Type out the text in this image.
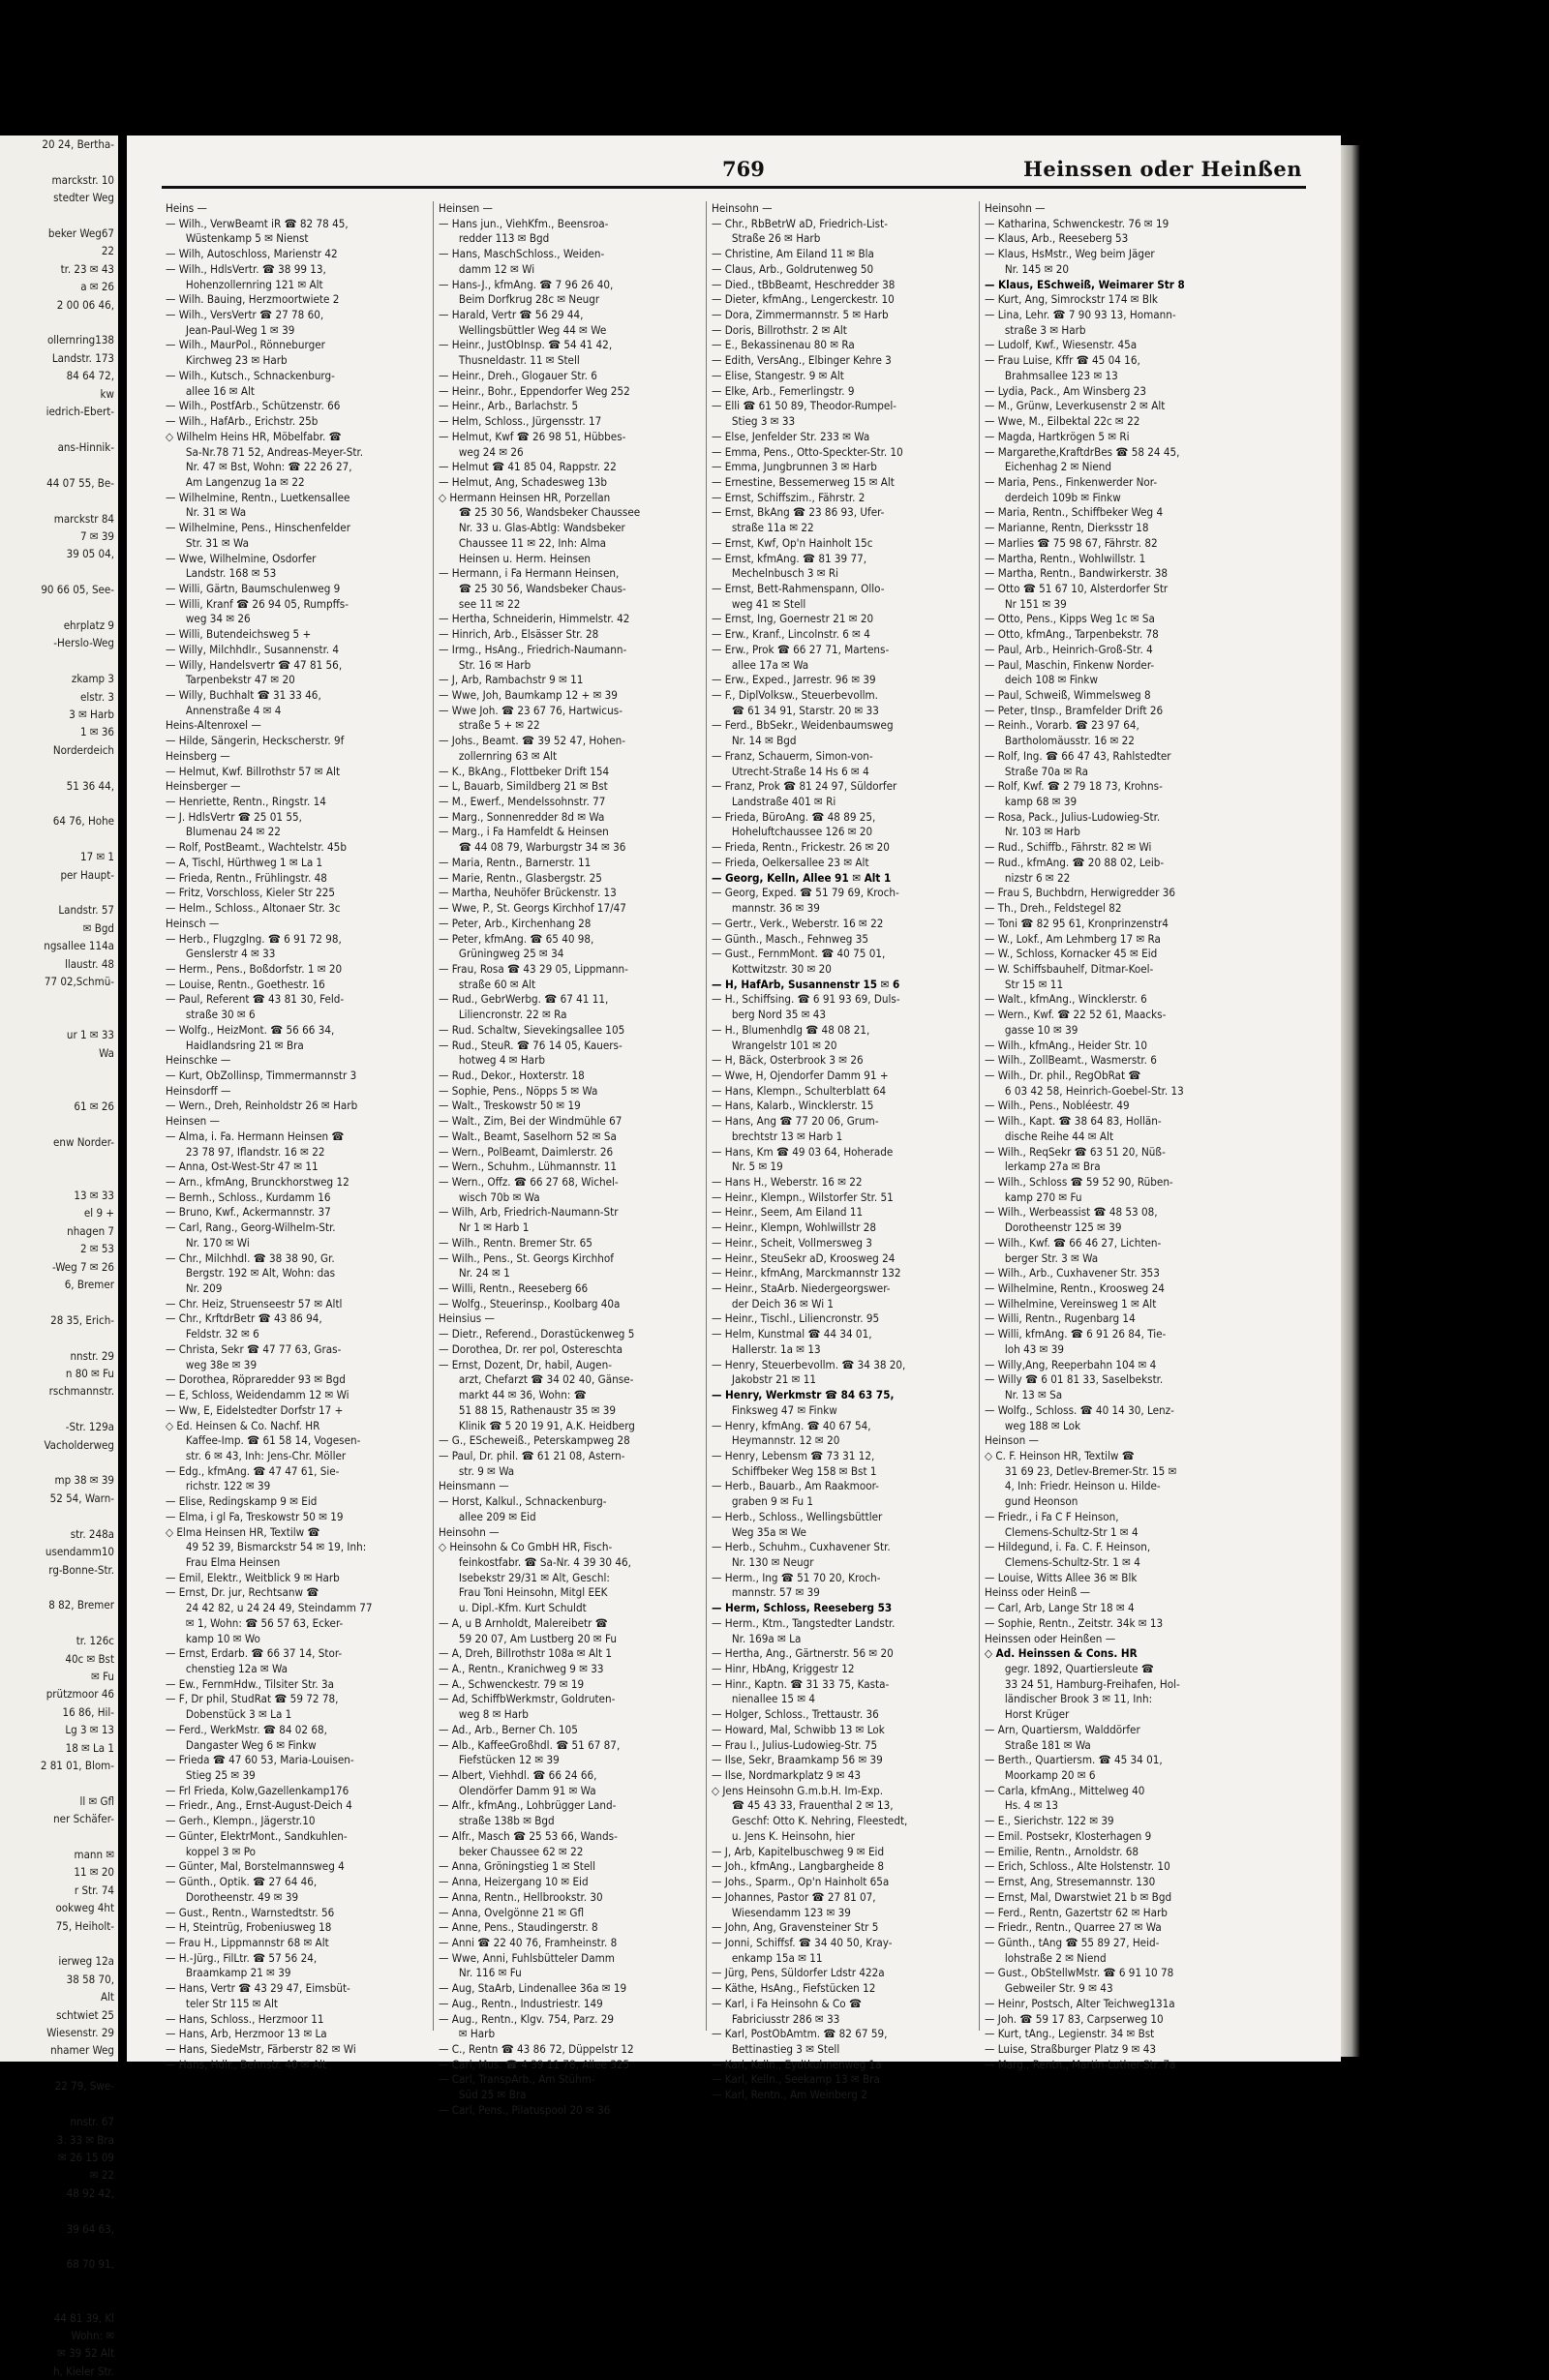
20 24, Bertha-

marckstr. 10
stedter Weg

beker Weg67
22
tr. 23 ✉ 43
a ✉ 26
2 00 06 46,

ollernring138
Landstr. 173
84 64 72,
kw
iedrich-Ebert-

ans-Hinnik-

44 07 55, Be-

marckstr 84
7 ✉ 39
39 05 04,

90 66 05, See-

ehrplatz 9
-Herslo-Weg

zkamp 3
elstr. 3
3 ✉ Harb
1 ✉ 36
Norderdeich

51 36 44,

64 76, Hohe

17 ✉ 1
per Haupt-

Landstr. 57
✉ Bgd
ngsallee 114a
llaustr. 48
77 02,Schmü-

ur 1 ✉ 33
Wa

61 ✉ 26

enw Norder-

13 ✉ 33
el 9 +
nhagen 7
2 ✉ 53
-Weg 7 ✉ 26
6, Bremer

28 35, Erich-

nnstr. 29
n 80 ✉ Fu
rschmannstr.

-Str. 129a
Vacholderweg

mp 38 ✉ 39
52 54, Warn-

str. 248a
usendamm10
rg-Bonne-Str.

8 82, Bremer

tr. 126c
40c ✉ Bst
✉ Fu
prützmoor 46
16 86, Hil-
Lg 3 ✉ 13
18 ✉ La 1
2 81 01, Blom-

ll ✉ Gfl
ner Schäfer-

mann ✉
11 ✉ 20
r Str. 74
ookweg 4ht
75, Heiholt-

ierweg 12a
38 58 70,
Alt
schtwiet 25
Wiesenstr. 29
nhamer Weg

22 79, Swe-

nnstr. 67
3. 33 ✉ Bra
✉ 26 15 09
✉ 22
48 92 42,

39 64 63,

68 70 91,

44 81 39, Kl
Wohn: ✉
✉ 39 52 Alt
h, Kieler Str.
769	Heinssen oder Heinßen
Heins —
— Wilh., VerwBeamt iR ☎ 82 78 45,
  Wüstenkamp 5 ✉ Nienst
— Wilh, Autoschloss, Marienstr 42
— Wilh., HdlsVertr. ☎ 38 99 13,
  Hohenzollernring 121 ✉ Alt
— Wilh. Bauing, Herzmoortwiete 2
— Wilh., VersVertr ☎ 27 78 60,
  Jean-Paul-Weg 1 ✉ 39
— Wilh., MaurPol., Rönneburger
  Kirchweg 23 ✉ Harb
— Wilh., Kutsch., Schnackenburg-
  allee 16 ✉ Alt
— Wilh., PostfArb., Schützenstr. 66
— Wilh., HafArb., Erichstr. 25b
◇ Wilhelm Heins HR, Möbelfabr. ☎
  Sa-Nr.78 71 52, Andreas-Meyer-Str.
  Nr. 47 ✉ Bst, Wohn: ☎ 22 26 27,
  Am Langenzug 1a ✉ 22
— Wilhelmine, Rentn., Luetkensallee
  Nr. 31 ✉ Wa
— Wilhelmine, Pens., Hinschenfelder
  Str. 31 ✉ Wa
— Wwe, Wilhelmine, Osdorfer
  Landstr. 168 ✉ 53
— Willi, Gärtn, Baumschulenweg 9
— Willi, Kranf ☎ 26 94 05, Rumpffs-
  weg 34 ✉ 26
— Willi, Butendeichsweg 5 +
— Willy, Milchhdlr., Susannenstr. 4
— Willy, Handelsvertr ☎ 47 81 56,
  Tarpenbekstr 47 ✉ 20
— Willy, Buchhalt ☎ 31 33 46,
  Annenstraße 4 ✉ 4
Heins-Altenroxel —
— Hilde, Sängerin, Heckscherstr. 9f
Heinsberg —
— Helmut, Kwf. Billrothstr 57 ✉ Alt
Heinsberger —
— Henriette, Rentn., Ringstr. 14
— J. HdlsVertr ☎ 25 01 55,
  Blumenau 24 ✉ 22
— Rolf, PostBeamt., Wachtelstr. 45b
— A, Tischl, Hürthweg 1 ✉ La 1
— Frieda, Rentn., Frühlingstr. 48
— Fritz, Vorschloss, Kieler Str 225
— Helm., Schloss., Altonaer Str. 3c
Heinsch —
— Herb., Flugzglng. ☎ 6 91 72 98,
  Genslerstr 4 ✉ 33
— Herm., Pens., Boßdorfstr. 1 ✉ 20
— Louise, Rentn., Goethestr. 16
— Paul, Referent ☎ 43 81 30, Feld-
  straße 30 ✉ 6
— Wolfg., HeizMont. ☎ 56 66 34,
  Haidlandsring 21 ✉ Bra
Heinschke —
— Kurt, ObZollinsp, Timmermannstr 3
Heinsdorff —
— Wern., Dreh, Reinholdstr 26 ✉ Harb
Heinsen —
— Alma, i. Fa. Hermann Heinsen ☎
  23 78 97, Iflandstr. 16 ✉ 22
— Anna, Ost-West-Str 47 ✉ 11
— Arn., kfmAng, Brunckhorstweg 12
— Bernh., Schloss., Kurdamm 16
— Bruno, Kwf., Ackermannstr. 37
— Carl, Rang., Georg-Wilhelm-Str.
  Nr. 170 ✉ Wi
— Chr., Milchhdl. ☎ 38 38 90, Gr.
  Bergstr. 192 ✉ Alt, Wohn: das
  Nr. 209
— Chr. Heiz, Struenseestr 57 ✉ Altl
— Chr., KrftdrBetr ☎ 43 86 94,
  Feldstr. 32 ✉ 6
— Christa, Sekr ☎ 47 77 63, Gras-
  weg 38e ✉ 39
— Dorothea, Röpraredder 93 ✉ Bgd
— E, Schloss, Weidendamm 12 ✉ Wi
— Ww, E, Eidelstedter Dorfstr 17 +
◇ Ed. Heinsen & Co. Nachf. HR
  Kaffee-Imp. ☎ 61 58 14, Vogesen-
  str. 6 ✉ 43, Inh: Jens-Chr. Möller
— Edg., kfmAng. ☎ 47 47 61, Sie-
  richstr. 122 ✉ 39
— Elise, Redingskamp 9 ✉ Eid
— Elma, i gl Fa, Treskowstr 50 ✉ 19
◇ Elma Heinsen HR, Textilw ☎
  49 52 39, Bismarckstr 54 ✉ 19, Inh:
  Frau Elma Heinsen
— Emil, Elektr., Weitblick 9 ✉ Harb
— Ernst, Dr. jur, Rechtsanw ☎
  24 42 82, u 24 24 49, Steindamm 77
  ✉ 1, Wohn: ☎ 56 57 63, Ecker-
  kamp 10 ✉ Wo
— Ernst, Erdarb. ☎ 66 37 14, Stor-
  chenstieg 12a ✉ Wa
— Ew., FernmHdw., Tilsiter Str. 3a
— F, Dr phil, StudRat ☎ 59 72 78,
  Dobenstück 3 ✉ La 1
— Ferd., WerkMstr. ☎ 84 02 68,
  Dangaster Weg 6 ✉ Finkw
— Frieda ☎ 47 60 53, Maria-Louisen-
  Stieg 25 ✉ 39
— Frl Frieda, Kolw,Gazellenkamp176
— Friedr., Ang., Ernst-August-Deich 4
— Gerh., Klempn., Jägerstr.10
— Günter, ElektrMont., Sandkuhlen-
  koppel 3 ✉ Po
— Günter, Mal, Borstelmannsweg 4
— Günth., Optik. ☎ 27 64 46,
  Dorotheenstr. 49 ✉ 39
— Gust., Rentn., Warnstedtstr. 56
— H, Steintrüg, Frobeniusweg 18
— Frau H., Lippmannstr 68 ✉ Alt
— H.-Jürg., FilLtr. ☎ 57 56 24,
  Braamkamp 21 ✉ 39
— Hans, Vertr ☎ 43 29 47, Eimsbüt-
  teler Str 115 ✉ Alt
— Hans, Schloss., Herzmoor 11
— Hans, Arb, Herzmoor 13 ✉ La
— Hans, SiedeMstr, Färberstr 82 ✉ Wi
— Hans, Hdlr., Behnstr. 40 ✉ Alt
Heinsen —
— Hans jun., ViehKfm., Beensroa-
  redder 113 ✉ Bgd
— Hans, MaschSchloss., Weiden-
  damm 12 ✉ Wi
— Hans-J., kfmAng. ☎ 7 96 26 40,
  Beim Dorfkrug 28c ✉ Neugr
— Harald, Vertr ☎ 56 29 44,
  Wellingsbüttler Weg 44 ✉ We
— Heinr., JustObInsp. ☎ 54 41 42,
  Thusneldastr. 11 ✉ Stell
— Heinr., Dreh., Glogauer Str. 6
— Heinr., Bohr., Eppendorfer Weg 252
— Heinr., Arb., Barlachstr. 5
— Helm, Schloss., Jürgensstr. 17
— Helmut, Kwf ☎ 26 98 51, Hübbes-
  weg 24 ✉ 26
— Helmut ☎ 41 85 04, Rappstr. 22
— Helmut, Ang, Schadesweg 13b
◇ Hermann Heinsen HR, Porzellan
  ☎ 25 30 56, Wandsbeker Chaussee
  Nr. 33 u. Glas-Abtlg: Wandsbeker
  Chaussee 11 ✉ 22, Inh: Alma
  Heinsen u. Herm. Heinsen
— Hermann, i Fa Hermann Heinsen,
  ☎ 25 30 56, Wandsbeker Chaus-
  see 11 ✉ 22
— Hertha, Schneiderin, Himmelstr. 42
— Hinrich, Arb., Elsässer Str. 28
— Irmg., HsAng., Friedrich-Naumann-
  Str. 16 ✉ Harb
— J, Arb, Rambachstr 9 ✉ 11
— Wwe, Joh, Baumkamp 12 + ✉ 39
— Wwe Joh. ☎ 23 67 76, Hartwicus-
  straße 5 + ✉ 22
— Johs., Beamt. ☎ 39 52 47, Hohen-
  zollernring 63 ✉ Alt
— K., BkAng., Flottbeker Drift 154
— L, Bauarb, Simildberg 21 ✉ Bst
— M., Ewerf., Mendelssohnstr. 77
— Marg., Sonnenredder 8d ✉ Wa
— Marg., i Fa Hamfeldt & Heinsen
  ☎ 44 08 79, Warburgstr 34 ✉ 36
— Maria, Rentn., Barnerstr. 11
— Marie, Rentn., Glasbergstr. 25
— Martha, Neuhöfer Brückenstr. 13
— Wwe, P., St. Georgs Kirchhof 17/47
— Peter, Arb., Kirchenhang 28
— Peter, kfmAng. ☎ 65 40 98,
  Grüningweg 25 ✉ 34
— Frau, Rosa ☎ 43 29 05, Lippmann-
  straße 60 ✉ Alt
— Rud., GebrWerbg. ☎ 67 41 11,
  Liliencronstr. 22 ✉ Ra
— Rud. Schaltw, Sievekingsallee 105
— Rud., SteuR. ☎ 76 14 05, Kauers-
  hotweg 4 ✉ Harb
— Rud., Dekor., Hoxterstr. 18
— Sophie, Pens., Nöpps 5 ✉ Wa
— Walt., Treskowstr 50 ✉ 19
— Walt., Zim, Bei der Windmühle 67
— Walt., Beamt, Saselhorn 52 ✉ Sa
— Wern., PolBeamt, Daimlerstr. 26
— Wern., Schuhm., Lühmannstr. 11
— Wern., Offz. ☎ 66 27 68, Wichel-
  wisch 70b ✉ Wa
— Wilh, Arb, Friedrich-Naumann-Str
  Nr 1 ✉ Harb 1
— Wilh., Rentn. Bremer Str. 65
— Wilh., Pens., St. Georgs Kirchhof
  Nr. 24 ✉ 1
— Willi, Rentn., Reeseberg 66
— Wolfg., Steuerinsp., Koolbarg 40a
Heinsius —
— Dietr., Referend., Dorastückenweg 5
— Dorothea, Dr. rer pol, Ostereschta
— Ernst, Dozent, Dr, habil, Augen-
  arzt, Chefarzt ☎ 34 02 40, Gänse-
  markt 44 ✉ 36, Wohn: ☎
  51 88 15, Rathenaustr 35 ✉ 39
  Klinik ☎ 5 20 19 91, A.K. Heidberg
— G., EScheweiß., Peterskampweg 28
— Paul, Dr. phil. ☎ 61 21 08, Astern-
  str. 9 ✉ Wa
Heinsmann —
— Horst, Kalkul., Schnackenburg-
  allee 209 ✉ Eid
Heinsohn —
◇ Heinsohn & Co GmbH HR, Fisch-
  feinkostfabr. ☎ Sa-Nr. 4 39 30 46,
  Isebekstr 29/31 ✉ Alt, Geschl:
  Frau Toni Heinsohn, Mitgl EEK
  u. Dipl.-Kfm. Kurt Schuldt
— A, u B Arnholdt, Malereibetr ☎
  59 20 07, Am Lustberg 20 ✉ Fu
— A, Dreh, Billrothstr 108a ✉ Alt 1
— A., Rentn., Kranichweg 9 ✉ 33
— A., Schwenckestr. 79 ✉ 19
— Ad, SchiffbWerkmstr, Goldruten-
  weg 8 ✉ Harb
— Ad., Arb., Berner Ch. 105
— Alb., KaffeeGroßhdl. ☎ 51 67 87,
  Fiefstücken 12 ✉ 39
— Albert, Viehhdl. ☎ 66 24 66,
  Olendörfer Damm 91 ✉ Wa
— Alfr., kfmAng., Lohbrügger Land-
  straße 138b ✉ Bgd
— Alfr., Masch ☎ 25 53 66, Wands-
  beker Chaussee 62 ✉ 22
— Anna, Gröningstieg 1 ✉ Stell
— Anna, Heizergang 10 ✉ Eid
— Anna, Rentn., Hellbrookstr. 30
— Anna, Ovelgönne 21 ✉ Gfl
— Anne, Pens., Staudingerstr. 8
— Anni ☎ 22 40 76, Framheinstr. 8
— Wwe, Anni, Fuhlsbütteler Damm
  Nr. 116 ✉ Fu
— Aug, StaArb, Lindenallee 36a ✉ 19
— Aug., Rentn., Industriestr. 149
— Aug., Rentn., Klgv. 754, Parz. 29
  ✉ Harb
— C., Rentn ☎ 43 86 72, Düppelstr 12
— Carl, Mus. ☎ 4 39 11 78, Allee 325
— Carl, TranspArb., Am Stühm-
  Süd 25 ✉ Bra
— Carl, Pens., Pilatuspool 20 ✉ 36
Heinsohn —
— Chr., RbBetrW aD, Friedrich-List-
  Straße 26 ✉ Harb
— Christine, Am Eiland 11 ✉ Bla
— Claus, Arb., Goldrutenweg 50
— Died., tBbBeamt, Heschredder 38
— Dieter, kfmAng., Lengerckestr. 10
— Dora, Zimmermannstr. 5 ✉ Harb
— Doris, Billrothstr. 2 ✉ Alt
— E., Bekassinenau 80 ✉ Ra
— Edith, VersAng., Elbinger Kehre 3
— Elise, Stangestr. 9 ✉ Alt
— Elke, Arb., Femerlingstr. 9
— Elli ☎ 61 50 89, Theodor-Rumpel-
  Stieg 3 ✉ 33
— Else, Jenfelder Str. 233 ✉ Wa
— Emma, Pens., Otto-Speckter-Str. 10
— Emma, Jungbrunnen 3 ✉ Harb
— Ernestine, Bessemerweg 15 ✉ Alt
— Ernst, Schiffszim., Fährstr. 2
— Ernst, BkAng ☎ 23 86 93, Ufer-
  straße 11a ✉ 22
— Ernst, Kwf, Op'n Hainholt 15c
— Ernst, kfmAng. ☎ 81 39 77,
  Mechelnbusch 3 ✉ Ri
— Ernst, Bett-Rahmenspann, Ollo-
  weg 41 ✉ Stell
— Ernst, Ing, Goernestr 21 ✉ 20
— Erw., Kranf., Lincolnstr. 6 ✉ 4
— Erw., Prok ☎ 66 27 71, Martens-
  allee 17a ✉ Wa
— Erw., Exped., Jarrestr. 96 ✉ 39
— F., DiplVolksw., Steuerbevollm.
  ☎ 61 34 91, Starstr. 20 ✉ 33
— Ferd., BbSekr., Weidenbaumsweg
  Nr. 14 ✉ Bgd
— Franz, Schauerm, Simon-von-
  Utrecht-Straße 14 Hs 6 ✉ 4
— Franz, Prok ☎ 81 24 97, Süldorfer
  Landstraße 401 ✉ Ri
— Frieda, BüroAng. ☎ 48 89 25,
  Hoheluftchaussee 126 ✉ 20
— Frieda, Rentn., Frickestr. 26 ✉ 20
— Frieda, Oelkersallee 23 ✉ Alt
— Georg, Kelln, Allee 91 ✉ Alt 1
— Georg, Exped. ☎ 51 79 69, Kroch-
  mannstr. 36 ✉ 39
— Gertr., Verk., Weberstr. 16 ✉ 22
— Günth., Masch., Fehnweg 35
— Gust., FernmMont. ☎ 40 75 01,
  Kottwitzstr. 30 ✉ 20
— H, HafArb, Susannenstr 15 ✉ 6
— H., Schiffsing. ☎ 6 91 93 69, Duls-
  berg Nord 35 ✉ 43
— H., Blumenhdlg ☎ 48 08 21,
  Wrangelstr 101 ✉ 20
— H, Bäck, Osterbrook 3 ✉ 26
— Wwe, H, Ojendorfer Damm 91 +
— Hans, Klempn., Schulterblatt 64
— Hans, Kalarb., Wincklerstr. 15
— Hans, Ang ☎ 77 20 06, Grum-
  brechtstr 13 ✉ Harb 1
— Hans, Km ☎ 49 03 64, Hoherade
  Nr. 5 ✉ 19
— Hans H., Weberstr. 16 ✉ 22
— Heinr., Klempn., Wilstorfer Str. 51
— Heinr., Seem, Am Eiland 11
— Heinr., Klempn, Wohlwillstr 28
— Heinr., Scheit, Vollmersweg 3
— Heinr., SteuSekr aD, Kroosweg 24
— Heinr., kfmAng, Marckmannstr 132
— Heinr., StaArb. Niedergeorgswer-
  der Deich 36 ✉ Wi 1
— Heinr., Tischl., Liliencronstr. 95
— Helm, Kunstmal ☎ 44 34 01,
  Hallerstr. 1a ✉ 13
— Henry, Steuerbevollm. ☎ 34 38 20,
  Jakobstr 21 ✉ 11
— Henry, Werkmstr ☎ 84 63 75,
  Finksweg 47 ✉ Finkw
— Henry, kfmAng. ☎ 40 67 54,
  Heymannstr. 12 ✉ 20
— Henry, Lebensm ☎ 73 31 12,
  Schiffbeker Weg 158 ✉ Bst 1
— Herb., Bauarb., Am Raakmoor-
  graben 9 ✉ Fu 1
— Herb., Schloss., Wellingsbüttler
  Weg 35a ✉ We
— Herb., Schuhm., Cuxhavener Str.
  Nr. 130 ✉ Neugr
— Herm., Ing ☎ 51 70 20, Kroch-
  mannstr. 57 ✉ 39
— Herm, Schloss, Reeseberg 53
— Herm., Ktm., Tangstedter Landstr.
  Nr. 169a ✉ La
— Hertha, Ang., Gärtnerstr. 56 ✉ 20
— Hinr, HbAng, Kriggestr 12
— Hinr., Kaptn. ☎ 31 33 75, Kasta-
  nienallee 15 ✉ 4
— Holger, Schloss., Trettaustr. 36
— Howard, Mal, Schwibb 13 ✉ Lok
— Frau I., Julius-Ludowieg-Str. 75
— Ilse, Sekr, Braamkamp 56 ✉ 39
— Ilse, Nordmarkplatz 9 ✉ 43
◇ Jens Heinsohn G.m.b.H. Im-Exp.
  ☎ 45 43 33, Frauenthal 2 ✉ 13,
  Geschf: Otto K. Nehring, Fleestedt,
  u. Jens K. Heinsohn, hier
— J, Arb, Kapitelbuschweg 9 ✉ Eid
— Joh., kfmAng., Langbargheide 8
— Johs., Sparm., Op'n Hainholt 65a
— Johannes, Pastor ☎ 27 81 07,
  Wiesendamm 123 ✉ 39
— John, Ang, Gravensteiner Str 5
— Jonni, Schiffsf. ☎ 34 40 50, Kray-
  enkamp 15a ✉ 11
— Jürg, Pens, Süldorfer Ldstr 422a
— Käthe, HsAng., Fiefstücken 12
— Karl, i Fa Heinsohn & Co ☎
  Fabriciusstr 286 ✉ 33
— Karl, PostObAmtm. ☎ 82 67 59,
  Bettinastieg 3 ✉ Stell
— Karl, Kelln., Eydtkuhnenweg 1a
— Karl, Kelln., Seekamp 13 ✉ Bra
— Karl, Rentn., Am Weinberg 2
Heinsohn —
— Katharina, Schwenckestr. 76 ✉ 19
— Klaus, Arb., Reeseberg 53
— Klaus, HsMstr., Weg beim Jäger
  Nr. 145 ✉ 20
— Klaus, ESchweiß, Weimarer Str 8
— Kurt, Ang, Simrockstr 174 ✉ Blk
— Lina, Lehr. ☎ 7 90 93 13, Homann-
  straße 3 ✉ Harb
— Ludolf, Kwf., Wiesenstr. 45a
— Frau Luise, Kffr ☎ 45 04 16,
  Brahmsallee 123 ✉ 13
— Lydia, Pack., Am Winsberg 23
— M., Grünw, Leverkusenstr 2 ✉ Alt
— Wwe, M., Eilbektal 22c ✉ 22
— Magda, Hartkrögen 5 ✉ Ri
— Margarethe,KraftdrBes ☎ 58 24 45,
  Eichenhag 2 ✉ Niend
— Maria, Pens., Finkenwerder Nor-
  derdeich 109b ✉ Finkw
— Maria, Rentn., Schiffbeker Weg 4
— Marianne, Rentn, Dierksstr 18
— Marlies ☎ 75 98 67, Fährstr. 82
— Martha, Rentn., Wohlwillstr. 1
— Martha, Rentn., Bandwirkerstr. 38
— Otto ☎ 51 67 10, Alsterdorfer Str
  Nr 151 ✉ 39
— Otto, Pens., Kipps Weg 1c ✉ Sa
— Otto, kfmAng., Tarpenbekstr. 78
— Paul, Arb., Heinrich-Groß-Str. 4
— Paul, Maschin, Finkenw Norder-
  deich 108 ✉ Finkw
— Paul, Schweiß, Wimmelsweg 8
— Peter, tInsp., Bramfelder Drift 26
— Reinh., Vorarb. ☎ 23 97 64,
  Bartholomäusstr. 16 ✉ 22
— Rolf, Ing. ☎ 66 47 43, Rahlstedter
  Straße 70a ✉ Ra
— Rolf, Kwf. ☎ 2 79 18 73, Krohns-
  kamp 68 ✉ 39
— Rosa, Pack., Julius-Ludowieg-Str.
  Nr. 103 ✉ Harb
— Rud., Schiffb., Fährstr. 82 ✉ Wi
— Rud., kfmAng. ☎ 20 88 02, Leib-
  nizstr 6 ✉ 22
— Frau S, Buchbdrn, Herwigredder 36
— Th., Dreh., Feldstegel 82
— Toni ☎ 82 95 61, Kronprinzenstr4
— W., Lokf., Am Lehmberg 17 ✉ Ra
— W., Schloss, Kornacker 45 ✉ Eid
— W. Schiffsbauhelf, Ditmar-Koel-
  Str 15 ✉ 11
— Walt., kfmAng., Wincklerstr. 6
— Wern., Kwf. ☎ 22 52 61, Maacks-
  gasse 10 ✉ 39
— Wilh., kfmAng., Heider Str. 10
— Wilh., ZollBeamt., Wasmerstr. 6
— Wilh., Dr. phil., RegObRat ☎
  6 03 42 58, Heinrich-Goebel-Str. 13
— Wilh., Pens., Nobléestr. 49
— Wilh., Kapt. ☎ 38 64 83, Hollän-
  dische Reihe 44 ✉ Alt
— Wilh., ReqSekr ☎ 63 51 20, Nüß-
  lerkamp 27a ✉ Bra
— Wilh., Schloss ☎ 59 52 90, Rüben-
  kamp 270 ✉ Fu
— Wilh., Werbeassist ☎ 48 53 08,
  Dorotheenstr 125 ✉ 39
— Wilh., Kwf. ☎ 66 46 27, Lichten-
  berger Str. 3 ✉ Wa
— Wilh., Arb., Cuxhavener Str. 353
— Wilhelmine, Rentn., Kroosweg 24
— Wilhelmine, Vereinsweg 1 ✉ Alt
— Willi, Rentn., Rugenbarg 14
— Willi, kfmAng. ☎ 6 91 26 84, Tie-
  loh 43 ✉ 39
— Willy,Ang, Reeperbahn 104 ✉ 4
— Willy ☎ 6 01 81 33, Saselbekstr.
  Nr. 13 ✉ Sa
— Wolfg., Schloss. ☎ 40 14 30, Lenz-
  weg 188 ✉ Lok
Heinson —
◇ C. F. Heinson HR, Textilw ☎
  31 69 23, Detlev-Bremer-Str. 15 ✉
  4, Inh: Friedr. Heinson u. Hilde-
  gund Heonson
— Friedr., i Fa C F Heinson,
  Clemens-Schultz-Str 1 ✉ 4
— Hildegund, i. Fa. C. F. Heinson,
  Clemens-Schultz-Str. 1 ✉ 4
— Louise, Witts Allee 36 ✉ Blk
Heinss oder Heinß —
— Carl, Arb, Lange Str 18 ✉ 4
— Sophie, Rentn., Zeitstr. 34k ✉ 13
Heinssen oder Heinßen —
◇ Ad. Heinssen & Cons. HR
  gegr. 1892, Quartiersleute ☎
  33 24 51, Hamburg-Freihafen, Hol-
  ländischer Brook 3 ✉ 11, Inh:
  Horst Krüger
— Arn, Quartiersm, Walddörfer
  Straße 181 ✉ Wa
— Berth., Quartiersm. ☎ 45 34 01,
  Moorkamp 20 ✉ 6
— Carla, kfmAng., Mittelweg 40
  Hs. 4 ✉ 13
— E., Sierichstr. 122 ✉ 39
— Emil. Postsekr, Klosterhagen 9
— Emilie, Rentn., Arnoldstr. 68
— Erich, Schloss., Alte Holstenstr. 10
— Ernst, Ang, Stresemannstr. 130
— Ernst, Mal, Dwarstwiet 21 b ✉ Bgd
— Ferd., Rentn, Gazertstr 62 ✉ Harb
— Friedr., Rentn., Quarree 27 ✉ Wa
— Günth., tAng ☎ 55 89 27, Heid-
  lohstraße 2 ✉ Niend
— Gust., ObStellwMstr. ☎ 6 91 10 78
  Gebweiler Str. 9 ✉ 43
— Heinr, Postsch, Alter Teichweg131a
— Joh. ☎ 59 17 83, Carpserweg 10
— Kurt, tAng., Legienstr. 34 ✉ Bst
— Luise, Straßburger Platz 9 ✉ 43
— Marg., Rentn., Martin-Luther-Str. 7a
— Wwe, M., Haubachstr 42 ✉ Alt
